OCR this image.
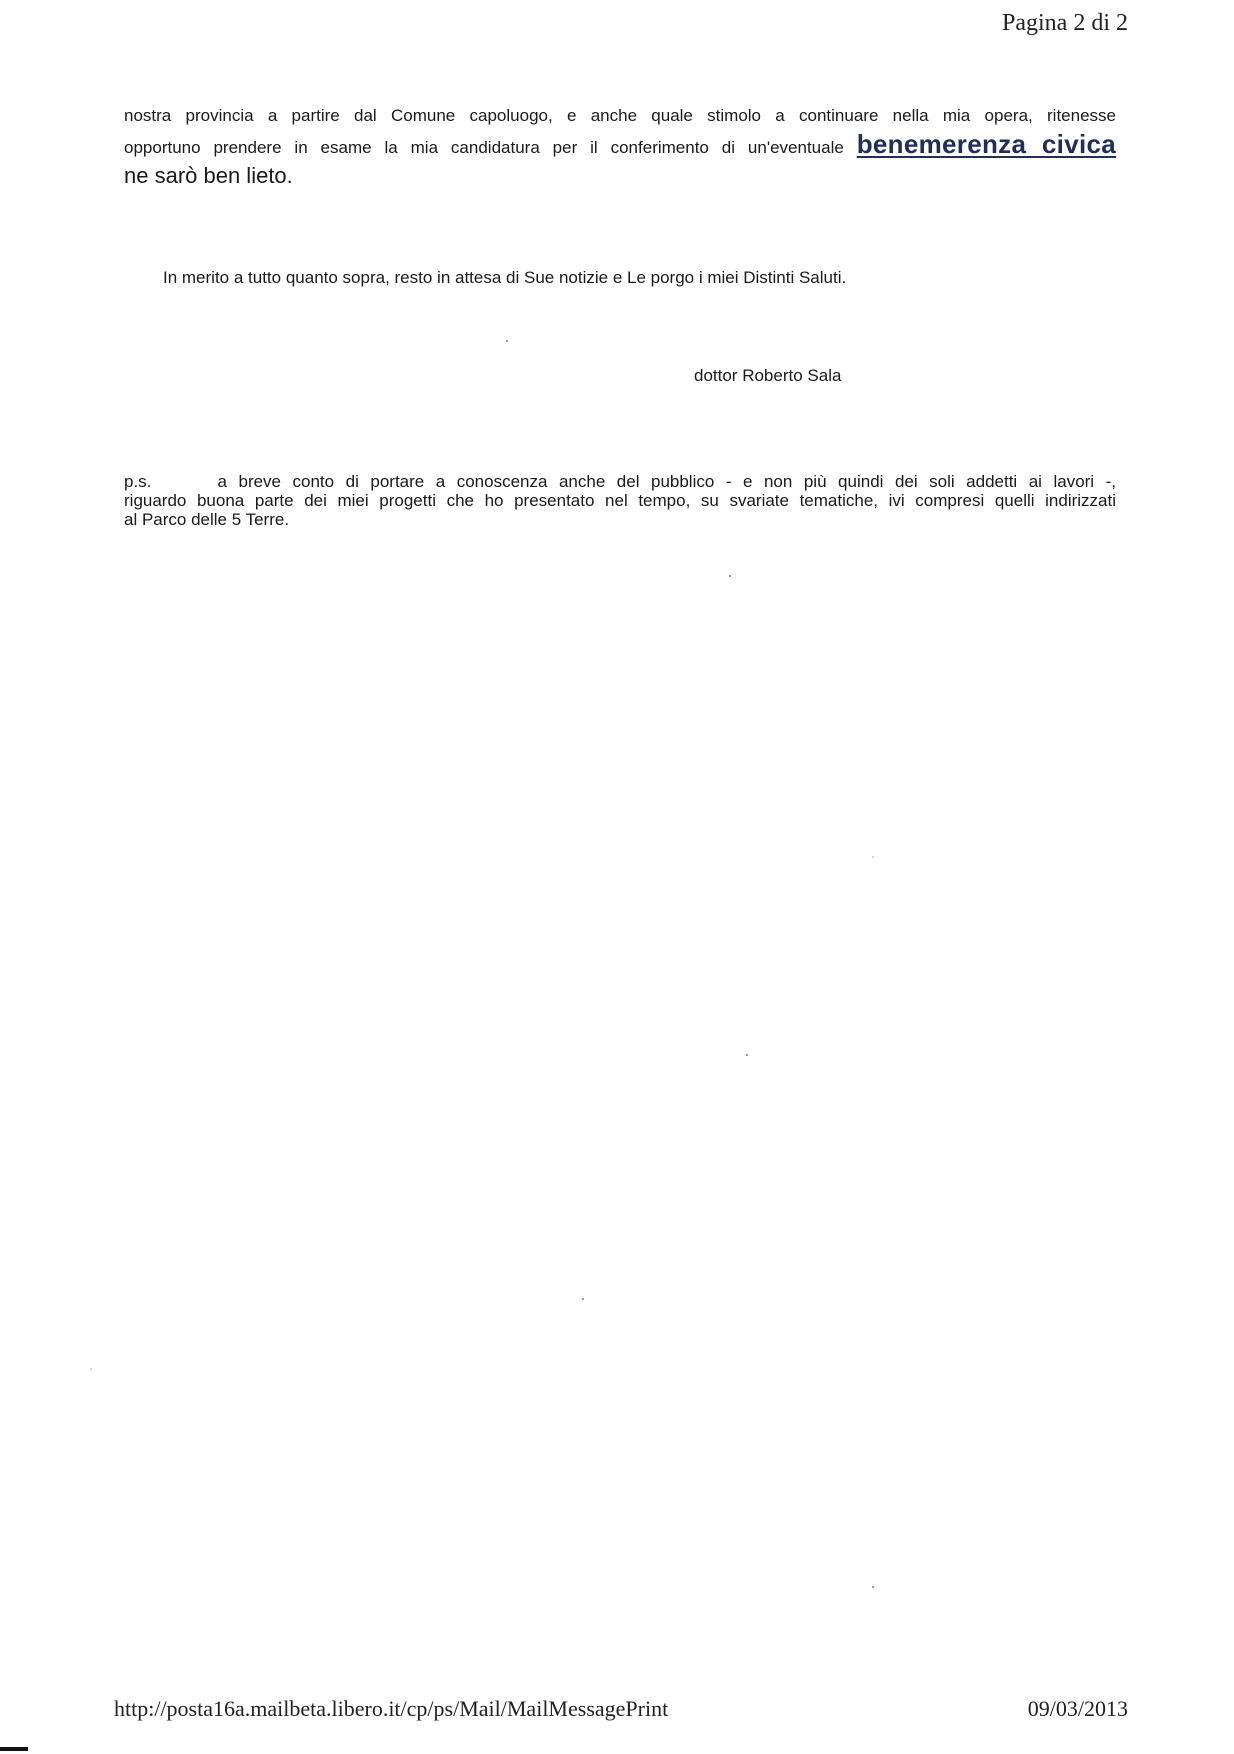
Pagina 2 di 2
nostra provincia a partire dal Comune capoluogo, e anche quale stimolo a continuare nella mia opera, ritenesse
opportuno prendere in esame la mia candidatura per il conferimento di un'eventuale benemerenza civica
ne sarò ben lieto.
In merito a tutto quanto sopra, resto in attesa di Sue notizie e Le porgo i miei Distinti Saluti.
dottor Roberto Sala
p.s.	a breve conto di portare a conoscenza anche del pubblico - e non più quindi dei soli addetti ai lavori -,
riguardo buona parte dei miei progetti che ho presentato nel tempo, su svariate tematiche, ivi compresi quelli indirizzati
al Parco delle 5 Terre.
http://posta16a.mailbeta.libero.it/cp/ps/Mail/MailMessagePrint	09/03/2013
